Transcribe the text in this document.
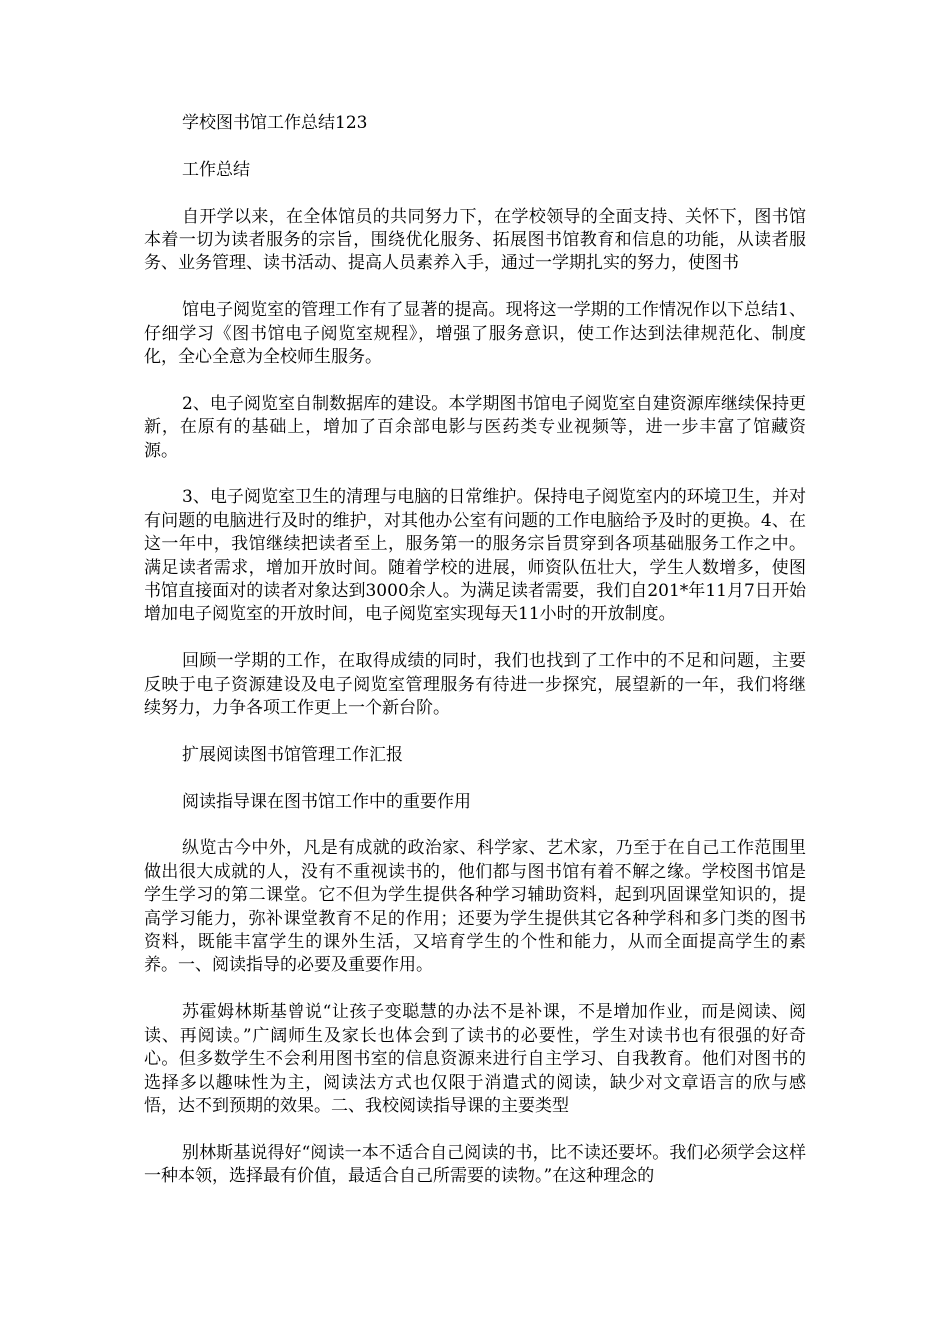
学校图书馆工作总结123

工作总结

自开学以来，在全体馆员的共同努力下，在学校领导的全面支持、关怀下，图书馆本着一切为读者服务的宗旨，围绕优化服务、拓展图书馆教育和信息的功能，从读者服务、业务管理、读书活动、提高人员素养入手，通过一学期扎实的努力，使图书

馆电子阅览室的管理工作有了显著的提高。现将这一学期的工作情况作以下总结1、仔细学习《图书馆电子阅览室规程》，增强了服务意识，使工作达到法律规范化、制度化，全心全意为全校师生服务。

2、电子阅览室自制数据库的建设。本学期图书馆电子阅览室自建资源库继续保持更新，在原有的基础上，增加了百余部电影与医药类专业视频等，进一步丰富了馆藏资源。

3、电子阅览室卫生的清理与电脑的日常维护。保持电子阅览室内的环境卫生，并对有问题的电脑进行及时的维护，对其他办公室有问题的工作电脑给予及时的更换。4、在这一年中，我馆继续把读者至上，服务第一的服务宗旨贯穿到各项基础服务工作之中。满足读者需求，增加开放时间。随着学校的进展，师资队伍壮大，学生人数增多，使图书馆直接面对的读者对象达到3000余人。为满足读者需要，我们自201*年11月7日开始增加电子阅览室的开放时间，电子阅览室实现每天11小时的开放制度。

回顾一学期的工作，在取得成绩的同时，我们也找到了工作中的不足和问题，主要反映于电子资源建设及电子阅览室管理服务有待进一步探究，展望新的一年，我们将继续努力，力争各项工作更上一个新台阶。

扩展阅读图书馆管理工作汇报

阅读指导课在图书馆工作中的重要作用

纵览古今中外，凡是有成就的政治家、科学家、艺术家，乃至于在自己工作范围里做出很大成就的人，没有不重视读书的，他们都与图书馆有着不解之缘。学校图书馆是学生学习的第二课堂。它不但为学生提供各种学习辅助资料，起到巩固课堂知识的，提高学习能力，弥补课堂教育不足的作用；还要为学生提供其它各种学科和多门类的图书资料，既能丰富学生的课外生活，又培育学生的个性和能力，从而全面提高学生的素养。一、阅读指导的必要及重要作用。

苏霍姆林斯基曾说“让孩子变聪慧的办法不是补课，不是增加作业，而是阅读、阅读、再阅读。”广阔师生及家长也体会到了读书的必要性，学生对读书也有很强的好奇心。但多数学生不会利用图书室的信息资源来进行自主学习、自我教育。他们对图书的选择多以趣味性为主，阅读法方式也仅限于消遣式的阅读，缺少对文章语言的欣与感悟，达不到预期的效果。二、我校阅读指导课的主要类型

别林斯基说得好“阅读一本不适合自己阅读的书，比不读还要坏。我们必须学会这样一种本领，选择最有价值，最适合自己所需要的读物。”在这种理念的
